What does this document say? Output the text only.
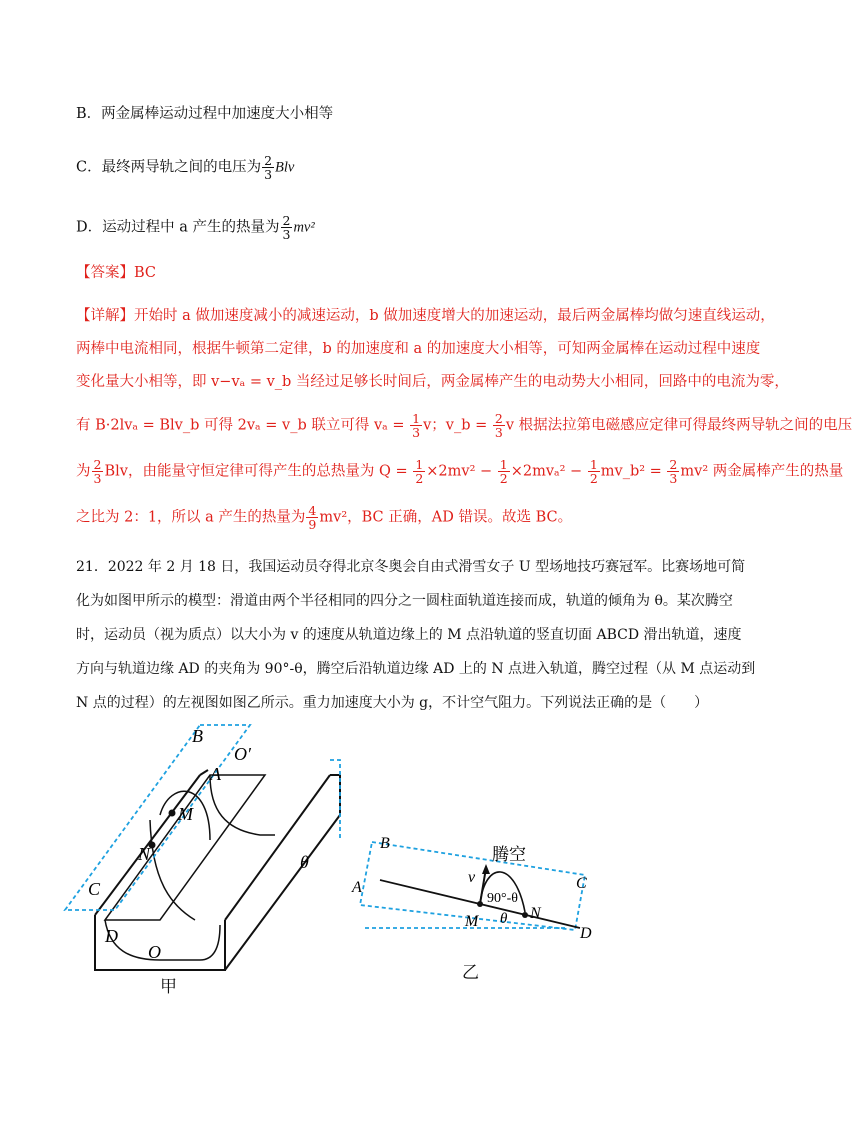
B．两金属棒运动过程中加速度大小相等
C．最终两导轨之间的电压为 $\frac{2}{3}$ Blv
D．运动过程中 a 产生的热量为 $\frac{2}{3} mv^2$
【答案】BC
【详解】开始时 a 做加速度减小的减速运动，b 做加速度增大的加速运动，最后两金属棒均做匀速直线运动，
两棒中电流相同，根据牛顿第二定律，b 的加速度和 a 的加速度大小相等，可知两金属棒在运动过程中速度
变化量大小相等，即 v−vₐ = v_b 当经过足够长时间后，两金属棒产生的电动势大小相同，回路中的电流为零，
有 B·2lvₐ = Blv_b 可得 2vₐ = v_b 联立可得 $v_a = \frac{1}{3}$ v；v_b = $\frac{2}{3}$ v 根据法拉第电磁感应定律可得最终两导轨之间的电压
为 $\frac{2}{3}$ Blv，由能量守恒定律可得产生的总热量为 $Q = \frac{1}{2} \times 2mv^2 - \frac{1}{2} \times 2mv_a^2 - \frac{1}{2}$ mv_b² = $\frac{2}{3} mv^2$ 两金属棒产生的热量
之比为 2：1，所以 a 产生的热量为 $\frac{4}{9} mv^2$，BC 正确，AD 错误。故选 BC。
21．2022 年 2 月 18 日，我国运动员夺得北京冬奥会自由式滑雪女子 U 型场地技巧赛冠军。比赛场地可简
化为如图甲所示的模型：滑道由两个半径相同的四分之一圆柱面轨道连接而成，轨道的倾角为 θ。某次腾空
时，运动员（视为质点）以大小为 v 的速度从轨道边缘上的 M 点沿轨道的竖直切面 ABCD 滑出轨道，速度
方向与轨道边缘 AD 的夹角为 90°-θ，腾空后沿轨道边缘 AD 上的 N 点进入轨道，腾空过程（从 M 点运动到
N 点的过程）的左视图如图乙所示。重力加速度大小为 g，不计空气阻力。下列说法正确的是（　　）
B
A
O′
M
N
C
D
O
θ
甲
B
A	C
D
M	N
v
90°-θ
θ
腾空
乙
